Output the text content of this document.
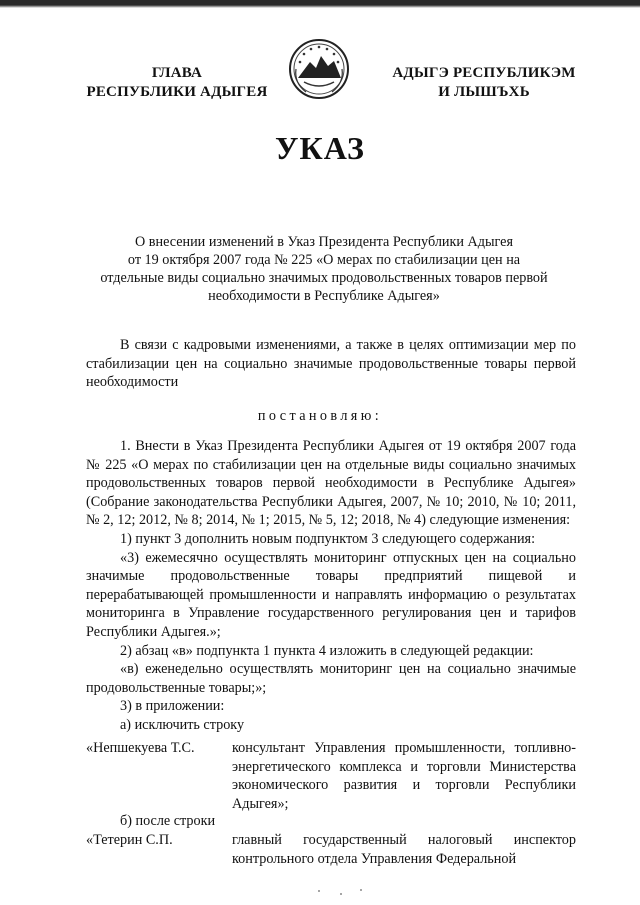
ГЛАВА
РЕСПУБЛИКИ АДЫГЕЯ
АДЫГЭ РЕСПУБЛИКЭМ
И ЛЫШЪХЬ
УКАЗ
О внесении изменений в Указ Президента Республики Адыгея
от 19 октября 2007 года № 225 «О мерах по стабилизации цен на
отдельные виды социально значимых продовольственных товаров первой
необходимости в Республике Адыгея»

В связи с кадровыми изменениями, а также в целях оптимизации мер по стабилизации цен на социально значимые продовольственные товары первой необходимости

постановляю:

1. Внести в Указ Президента Республики Адыгея от 19 октября 2007 года № 225 «О мерах по стабилизации цен на отдельные виды социально значимых продовольственных товаров первой необходимости в Республике Адыгея» (Собрание законодательства Республики Адыгея, 2007, № 10; 2010, № 10; 2011, № 2, 12; 2012, № 8; 2014, № 1; 2015, № 5, 12; 2018, № 4) следующие изменения:

1) пункт 3 дополнить новым подпунктом 3 следующего содержания:

«3) ежемесячно осуществлять мониторинг отпускных цен на социально значимые продовольственные товары предприятий пищевой и перерабатывающей промышленности и направлять информацию о результатах мониторинга в Управление государственного регулирования цен и тарифов Республики Адыгея.»;

2) абзац «в» подпункта 1 пункта 4 изложить в следующей редакции:

«в) еженедельно осуществлять мониторинг цен на социально значимые продовольственные товары;»;

3) в приложении:

а) исключить строку

«Непшекуева Т.С.	консультант Управления промышленности, топливно-энергетического комплекса и торговли Министерства экономического развития и торговли Республики Адыгея»;

б) после строки

«Тетерин С.П.	главный государственный налоговый инспектор контрольного отдела Управления Федеральной
